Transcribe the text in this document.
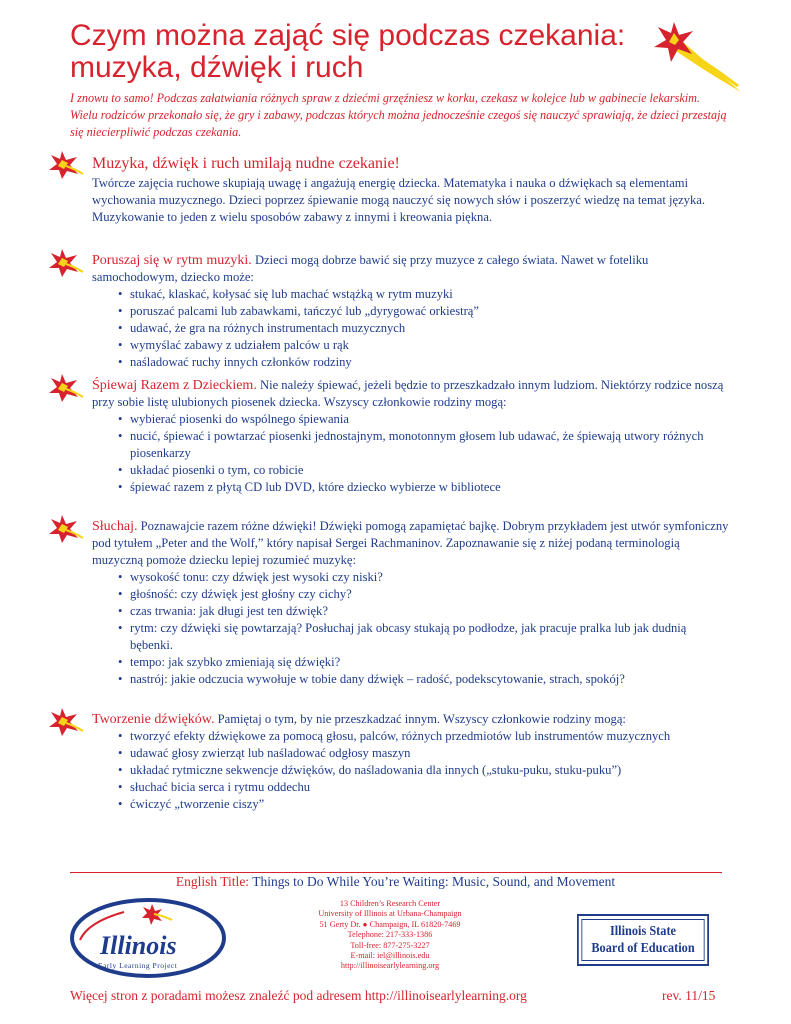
Czym można zająć się podczas czekania: muzyka, dźwięk i ruch

I znowu to samo! Podczas załatwiania różnych spraw z dziećmi grzęźniesz w korku, czekasz w kolejce lub w gabinecie lekarskim. Wielu rodziców przekonało się, że gry i zabawy, podczas których można jednocześnie czegoś się nauczyć sprawiają, że dzieci przestają się niecierpliwić podczas czekania.

Muzyka, dźwięk i ruch umilają nudne czekanie!

Twórcze zajęcia ruchowe skupiają uwagę i angażują energię dziecka. Matematyka i nauka o dźwiękach są elementami wychowania muzycznego. Dzieci poprzez śpiewanie mogą nauczyć się nowych słów i poszerzyć wiedzę na temat języka. Muzykowanie to jeden z wielu sposobów zabawy z innymi i kreowania piękna.

Poruszaj się w rytm muzyki. Dzieci mogą dobrze bawić się przy muzyce z całego świata. Nawet w foteliku samochodowym, dziecko może:

• stukać, klaskać, kołysać się lub machać wstążką w rytm muzyki
• poruszać palcami lub zabawkami, tańczyć lub „dyrygować orkiestrą”
• udawać, że gra na różnych instrumentach muzycznych
• wymyślać zabawy z udziałem palców u rąk
• naśladować ruchy innych członków rodziny

Śpiewaj Razem z Dzieckiem. Nie należy śpiewać, jeżeli będzie to przeszkadzało innym ludziom. Niektórzy rodzice noszą przy sobie listę ulubionych piosenek dziecka. Wszyscy członkowie rodziny mogą:

• wybierać piosenki do wspólnego śpiewania
• nucić, śpiewać i powtarzać piosenki jednostajnym, monotonnym głosem lub udawać, że śpiewają utwory różnych piosenkarzy
• układać piosenki o tym, co robicie
• śpiewać razem z płytą CD lub DVD, które dziecko wybierze w bibliotece

Słuchaj. Poznawajcie razem różne dźwięki! Dźwięki pomogą zapamiętać bajkę. Dobrym przykładem jest utwór symfoniczny pod tytułem „Peter and the Wolf,” który napisał Sergei Rachmaninov. Zapoznawanie się z niżej podaną terminologią muzyczną pomoże dziecku lepiej rozumieć muzykę:

• wysokość tonu: czy dźwięk jest wysoki czy niski?
• głośność: czy dźwięk jest głośny czy cichy?
• czas trwania: jak długi jest ten dźwięk?
• rytm: czy dźwięki się powtarzają? Posłuchaj jak obcasy stukają po podłodze, jak pracuje pralka lub jak dudnią bębenki.
• tempo: jak szybko zmieniają się dźwięki?
• nastrój: jakie odczucia wywołuje w tobie dany dźwięk – radość, podekscytowanie, strach, spokój?

Tworzenie dźwięków. Pamiętaj o tym, by nie przeszkadzać innym. Wszyscy członkowie rodziny mogą:

• tworzyć efekty dźwiękowe za pomocą głosu, palców, różnych przedmiotów lub instrumentów muzycznych
• udawać głosy zwierząt lub naśladować odgłosy maszyn
• układać rytmiczne sekwencje dźwięków, do naśladowania dla innych („stuku-puku, stuku-puku”)
• słuchać bicia serca i rytmu oddechu
• ćwiczyć „tworzenie ciszy”
English Title: Things to Do While You’re Waiting: Music, Sound, and Movement
Illinois
Early Learning Project
13 Children’s Research Center
University of Illinois at Urbana-Champaign
51 Gerty Dr. ● Champaign, IL 61820-7469
Telephone: 217-333-1386
Toll-free: 877-275-3227
E-mail: iel@illinois.edu
http://illinoisearlylearning.org
Illinois State
Board of Education
Więcej stron z poradami możesz znaleźć pod adresem http://illinoisearlylearning.org	rev. 11/15
